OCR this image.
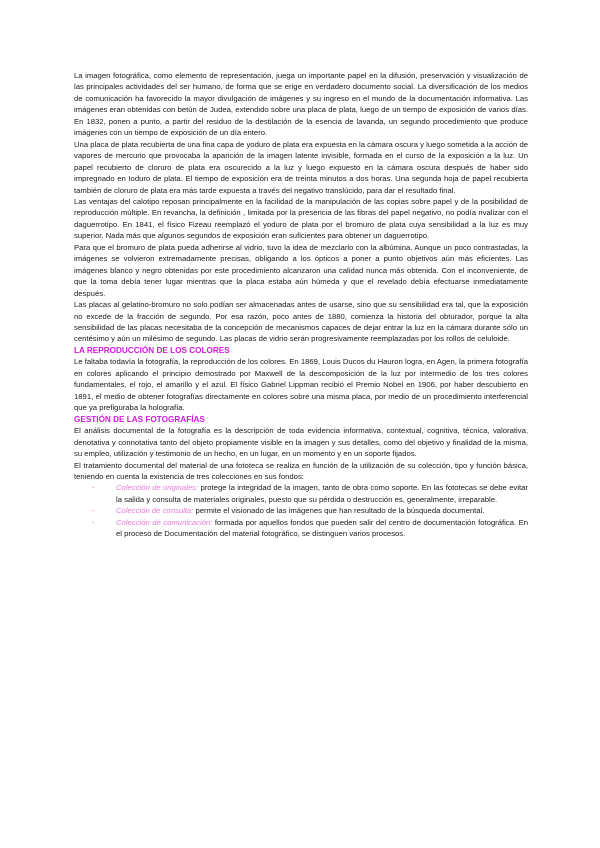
La imagen fotográfica, como elemento de representación, juega un importante papel en la difusión, preservación y visualización de las principales actividades del ser humano, de forma que se erige en verdadero documento social. La diversificación de los medios de comunicación ha favorecido la mayor divulgación de imágenes y su ingreso en el mundo de la documentación informativa. Las imágenes eran obtenidas con betún de Judea, extendido sobre una placa de plata, luego de un tiempo de exposición de varios días. En 1832, ponen a punto, a partir del residuo de la destilación de la esencia de lavanda, un segundo procedimiento que produce imágenes con un tiempo de exposición de un día entero.

Una placa de plata recubierta de una fina capa de yoduro de plata era expuesta en la cámara oscura y luego sometida a la acción de vapores de mercurio que provocaba la aparición de la imagen latente invisible, formada en el curso de la exposición a la luz. Un papel recubierto de cloruro de plata era oscurecido a la luz y luego expuesto en la cámara oscura después de haber sido impregnado en Ioduro de plata. El tiempo de exposición era de treinta minutos a dos horas. Una segunda hoja de papel recubierta también de cloruro de plata era más tarde expuesta a través del negativo translúcido, para dar el resultado final.

Las ventajas del calotipo reposan principalmente en la facilidad de la manipulación de las copias sobre papel y de la posibilidad de reproducción múltiple. En revancha, la definición , limitada por la presencia de las fibras del papel negativo, no podía rivalizar con el daguerrotipo. En 1841, el físico Fizeau reemplazó el yoduro de plata por el bromuro de plata cuya sensibilidad a la luz es muy superior. Nada más que algunos segundos de exposición eran suficientes para obtener un daguerrotipo.

Para que el bromuro de plata pueda adherirse al vidrio, tuvo la idea de mezclarlo con la albúmina. Aunque un poco contrastadas, la imágenes se volvieron extremadamente precisas, obligando a los ópticos a poner a punto objetivos aún más eficientes. Las imágenes blanco y negro obtenidas por este procedimiento alcanzaron una calidad nunca más obtenida. Con el inconveniente, de que la toma debía tener lugar mientras que la placa estaba aún húmeda y que el revelado debía efectuarse inmediatamente después.

Las placas al gelatino-bromuro no solo podían ser almacenadas antes de usarse, sino que su sensibilidad era tal, que la exposición no excede de la fracción de segundo. Por esa razón, poco antes de 1880, comienza la historia del obturador, porque la alta sensibilidad de las placas necesitaba de la concepción de mecanismos capaces de dejar entrar la luz en la cámara durante sólo un centésimo y aún un milésimo de segundo. Las placas de vidrio serán progresivamente reemplazadas por los rollos de celuloide.

LA REPRODUCCIÓN DE LOS COLORES

Le faltaba todavía la fotografía, la reproducción de los colores. En 1869, Louis Ducos du Hauron logra, en Agen, la primera fotografía en colores aplicando el principio demostrado por Maxwell de la descomposición de la luz por intermedio de los tres colores fundamentales, el rojo, el amarillo y el azul. El físico Gabriel Lippman recibió el Premio Nobel en 1906, por haber descubierto en 1891, el medio de obtener fotografías directamente en colores sobre una misma placa, por medio de un procedimiento interferencial que ya prefiguraba la holografía.

GESTIÓN DE LAS FOTOGRAFÍAS

El análisis documental de la fotografía es la descripción de toda evidencia informativa, contextual, cognitiva, técnica, valorativa, denotativa y connotativa tanto del objeto propiamente visible en la imagen y sus detalles, como del objetivo y finalidad de la misma, su empleo, utilización y testimonio de un hecho, en un lugar, en un momento y en un soporte fijados.

El tratamiento documental del material de una fototeca se realiza en función de la utilización de su colección, tipo y función básica, teniendo en cuenta la existencia de tres colecciones en sus fondos:

-	Colección de originales: protege la integridad de la imagen, tanto de obra como soporte. En las fototecas se debe evitar la salida y consulta de materiales originales, puesto que su pérdida o destrucción es, generalmente, irreparable.
-	Colección de consulta: permite el visionado de las imágenes que han resultado de la búsqueda documental.
-	Colección de comunicación: formada por aquellos fondos que pueden salir del centro de documentación fotográfica. En el proceso de Documentación del material fotográfico, se distinguen varios procesos.
